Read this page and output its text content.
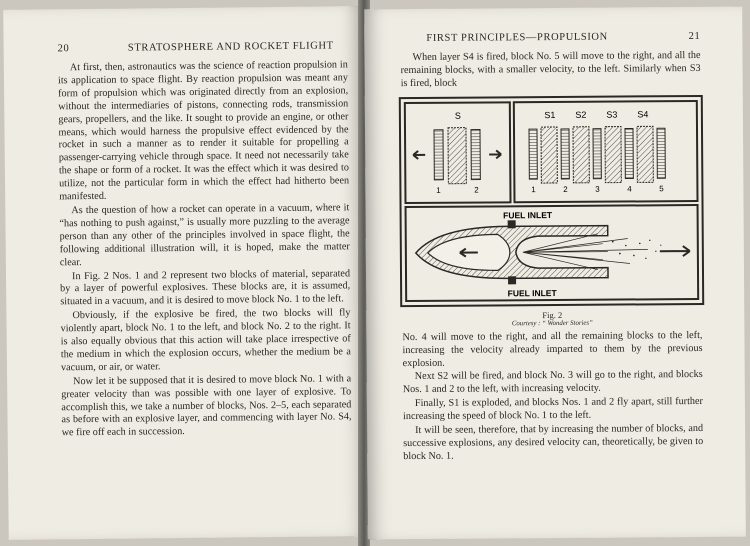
20	STRATOSPHERE AND ROCKET FLIGHT

At first, then, astronautics was the science of reaction propulsion in its application to space flight. By reaction propulsion was meant any form of propulsion which was originated directly from an explosion, without the intermediaries of pistons, connecting rods, transmission gears, propellers, and the like. It sought to provide an engine, or other means, which would harness the propulsive effect evidenced by the rocket in such a manner as to render it suitable for propelling a passenger-carrying vehicle through space. It need not necessarily take the shape or form of a rocket. It was the effect which it was desired to utilize, not the particular form in which the effect had hitherto been manifested.

As the question of how a rocket can operate in a vacuum, where it “has nothing to push against,” is usually more puzzling to the average person than any other of the principles involved in space flight, the following additional illustration will, it is hoped, make the matter clear.

In Fig. 2 Nos. 1 and 2 represent two blocks of material, separated by a layer of powerful explosives. These blocks are, it is assumed, situated in a vacuum, and it is desired to move block No. 1 to the left.

Obviously, if the explosive be fired, the two blocks will fly violently apart, block No. 1 to the left, and block No. 2 to the right. It is also equally obvious that this action will take place irrespective of the medium in which the explosion occurs, whether the medium be a vacuum, or air, or water.

Now let it be supposed that it is desired to move block No. 1 with a greater velocity than was possible with one layer of explosive. To accomplish this, we take a number of blocks, Nos. 2–5, each separated as before with an explosive layer, and commencing with layer No. S4, we fire off each in succession.

FIRST PRINCIPLES—PROPULSION	21

When layer S4 is fired, block No. 5 will move to the right, and all the remaining blocks, with a smaller velocity, to the left. Similarly when S3 is fired, block

S
1	2
S1 S2 S3 S4
1	2	3	4	5
FUEL INLET
FUEL INLET
Fig. 2
Courtesy : “ Wonder Stories”

No. 4 will move to the right, and all the remaining blocks to the left, increasing the velocity already imparted to them by the previous explosion.

Next S2 will be fired, and block No. 3 will go to the right, and blocks Nos. 1 and 2 to the left, with increasing velocity.

Finally, S1 is exploded, and blocks Nos. 1 and 2 fly apart, still further increasing the speed of block No. 1 to the left.

It will be seen, therefore, that by increasing the number of blocks, and successive explosions, any desired velocity can, theoretically, be given to block No. 1.
